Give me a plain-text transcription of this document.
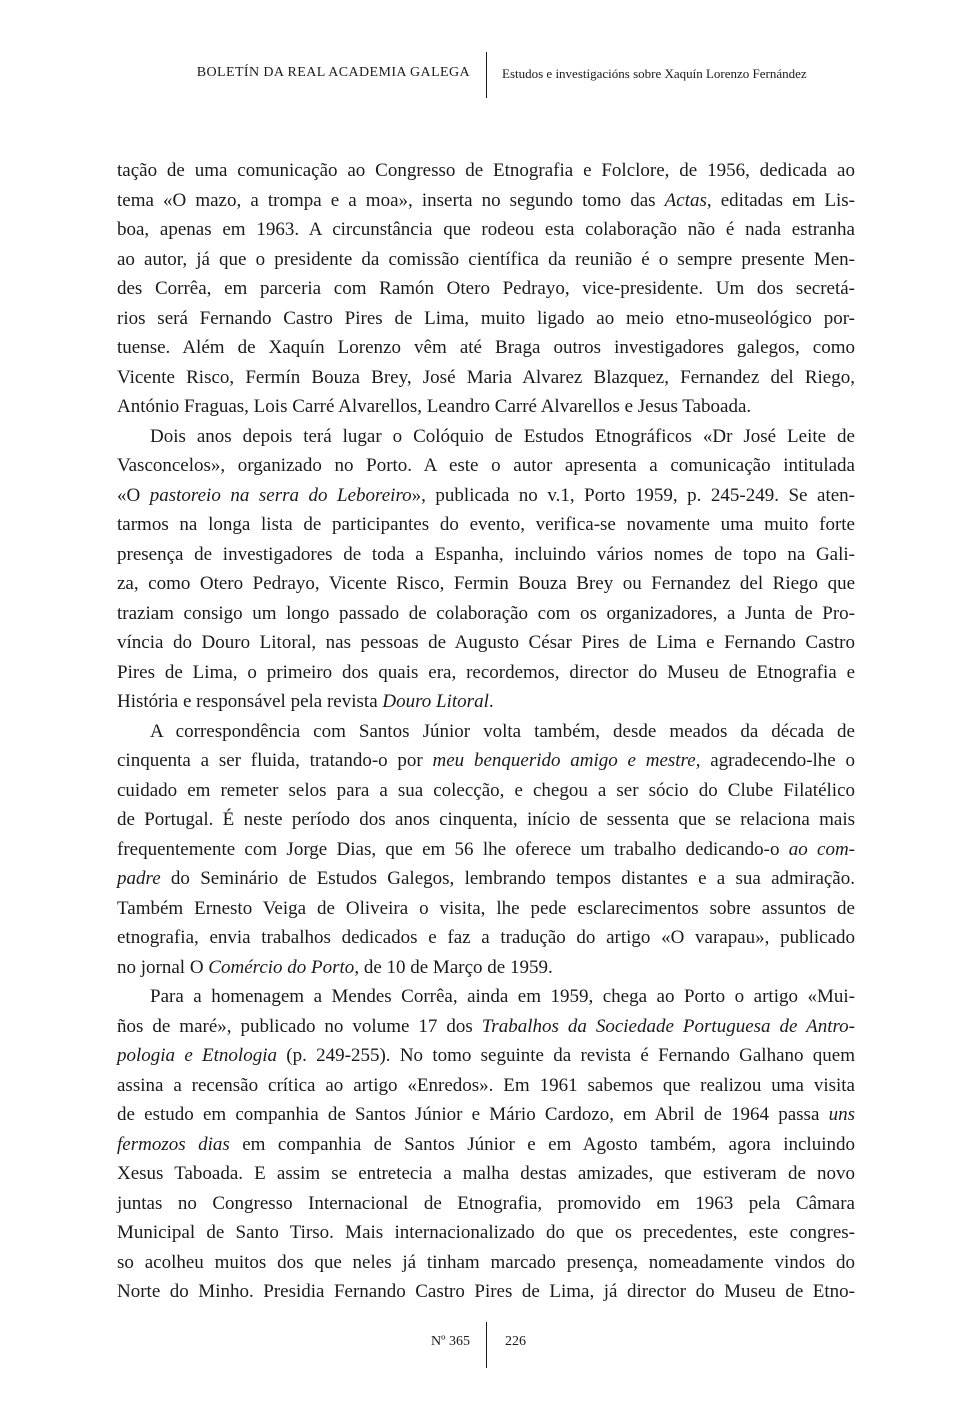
BOLETÍN DA REAL ACADEMIA GALEGA Estudos e investigacións sobre Xaquín Lorenzo Fernández
tação de uma comunicação ao Congresso de Etnografia e Folclore, de 1956, dedicada ao
tema «O mazo, a trompa e a moa», inserta no segundo tomo das Actas, editadas em Lis-
boa, apenas em 1963. A circunstância que rodeou esta colaboração não é nada estranha
ao autor, já que o presidente da comissão científica da reunião é o sempre presente Men-
des Corrêa, em parceria com Ramón Otero Pedrayo, vice-presidente. Um dos secretá-
rios será Fernando Castro Pires de Lima, muito ligado ao meio etno-museológico por-
tuense. Além de Xaquín Lorenzo vêm até Braga outros investigadores galegos, como
Vicente Risco, Fermín Bouza Brey, José Maria Alvarez Blazquez, Fernandez del Riego,
António Fraguas, Lois Carré Alvarellos, Leandro Carré Alvarellos e Jesus Taboada.
Dois anos depois terá lugar o Colóquio de Estudos Etnográficos «Dr José Leite de
Vasconcelos», organizado no Porto. A este o autor apresenta a comunicação intitulada
«O pastoreio na serra do Leboreiro», publicada no v.1, Porto 1959, p. 245-249. Se aten-
tarmos na longa lista de participantes do evento, verifica-se novamente uma muito forte
presença de investigadores de toda a Espanha, incluindo vários nomes de topo na Gali-
za, como Otero Pedrayo, Vicente Risco, Fermin Bouza Brey ou Fernandez del Riego que
traziam consigo um longo passado de colaboração com os organizadores, a Junta de Pro-
víncia do Douro Litoral, nas pessoas de Augusto César Pires de Lima e Fernando Castro
Pires de Lima, o primeiro dos quais era, recordemos, director do Museu de Etnografia e
História e responsável pela revista Douro Litoral.
A correspondência com Santos Júnior volta também, desde meados da década de
cinquenta a ser fluida, tratando-o por meu benquerido amigo e mestre, agradecendo-lhe o
cuidado em remeter selos para a sua colecção, e chegou a ser sócio do Clube Filatélico
de Portugal. É neste período dos anos cinquenta, início de sessenta que se relaciona mais
frequentemente com Jorge Dias, que em 56 lhe oferece um trabalho dedicando-o ao com-
padre do Seminário de Estudos Galegos, lembrando tempos distantes e a sua admiração.
Também Ernesto Veiga de Oliveira o visita, lhe pede esclarecimentos sobre assuntos de
etnografia, envia trabalhos dedicados e faz a tradução do artigo «O varapau», publicado
no jornal O Comércio do Porto, de 10 de Março de 1959.
Para a homenagem a Mendes Corrêa, ainda em 1959, chega ao Porto o artigo «Mui-
ños de maré», publicado no volume 17 dos Trabalhos da Sociedade Portuguesa de Antro-
pologia e Etnologia (p. 249-255). No tomo seguinte da revista é Fernando Galhano quem
assina a recensão crítica ao artigo «Enredos». Em 1961 sabemos que realizou uma visita
de estudo em companhia de Santos Júnior e Mário Cardozo, em Abril de 1964 passa uns
fermozos dias em companhia de Santos Júnior e em Agosto também, agora incluindo
Xesus Taboada. E assim se entretecia a malha destas amizades, que estiveram de novo
juntas no Congresso Internacional de Etnografia, promovido em 1963 pela Câmara
Municipal de Santo Tirso. Mais internacionalizado do que os precedentes, este congres-
so acolheu muitos dos que neles já tinham marcado presença, nomeadamente vindos do
Norte do Minho. Presidia Fernando Castro Pires de Lima, já director do Museu de Etno-
Nº 365	226
